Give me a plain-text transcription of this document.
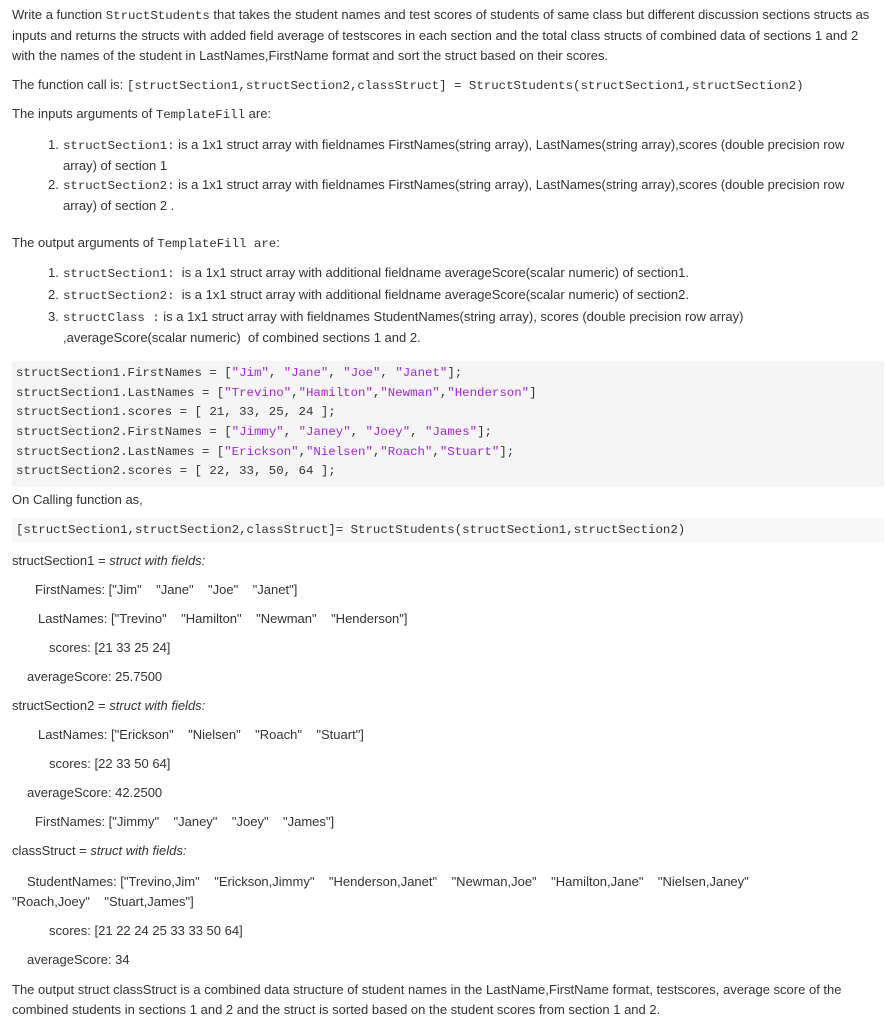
Write a function StructStudents that takes the student names and test scores of students of same class but different discussion sections structs as inputs and returns the structs with added field average of testscores in each section and the total class structs of combined data of sections 1 and 2 with the names of the student in LastNames,FirstName format and sort the struct based on their scores.

The function call is: [structSection1,structSection2,classStruct] = StructStudents(structSection1,structSection2)

The inputs arguments of TemplateFill are:

1. structSection1: is a 1x1 struct array with fieldnames FirstNames(string array), LastNames(string array),scores (double precision row array) of section 1
2. structSection2: is a 1x1 struct array with fieldnames FirstNames(string array), LastNames(string array),scores (double precision row array) of section 2 .

The output arguments of TemplateFill are:

1. structSection1:  is a 1x1 struct array with additional fieldname averageScore(scalar numeric) of section1.
2. structSection2:  is a 1x1 struct array with additional fieldname averageScore(scalar numeric) of section2.
3. structClass : is a 1x1 struct array with fieldnames StudentNames(string array), scores (double precision row array) ,averageScore(scalar numeric)  of combined sections 1 and 2.
structSection1.FirstNames = ["Jim", "Jane", "Joe", "Janet"];
structSection1.LastNames = ["Trevino","Hamilton","Newman","Henderson"]
structSection1.scores = [ 21, 33, 25, 24 ];
structSection2.FirstNames = ["Jimmy", "Janey", "Joey", "James"];
structSection2.LastNames = ["Erickson","Nielsen","Roach","Stuart"];
structSection2.scores = [ 22, 33, 50, 64 ];

On Calling function as,

[structSection1,structSection2,classStruct]= StructStudents(structSection1,structSection2)

structSection1 = struct with fields:

FirstNames: ["Jim"    "Jane"    "Joe"    "Janet"]

LastNames: ["Trevino"    "Hamilton"    "Newman"    "Henderson"]

scores: [21 33 25 24]

averageScore: 25.7500

structSection2 = struct with fields:

LastNames: ["Erickson"    "Nielsen"    "Roach"    "Stuart"]

scores: [22 33 50 64]

averageScore: 42.2500

FirstNames: ["Jimmy"    "Janey"    "Joey"    "James"]

classStruct = struct with fields:

StudentNames: ["Trevino,Jim"    "Erickson,Jimmy"    "Henderson,Janet"    "Newman,Joe"    "Hamilton,Jane"    "Nielsen,Janey"

"Roach,Joey"    "Stuart,James"]

scores: [21 22 24 25 33 33 50 64]

averageScore: 34

The output struct classStruct is a combined data structure of student names in the LastName,FirstName format, testscores, average score of the combined students in sections 1 and 2 and the struct is sorted based on the student scores from section 1 and 2.
